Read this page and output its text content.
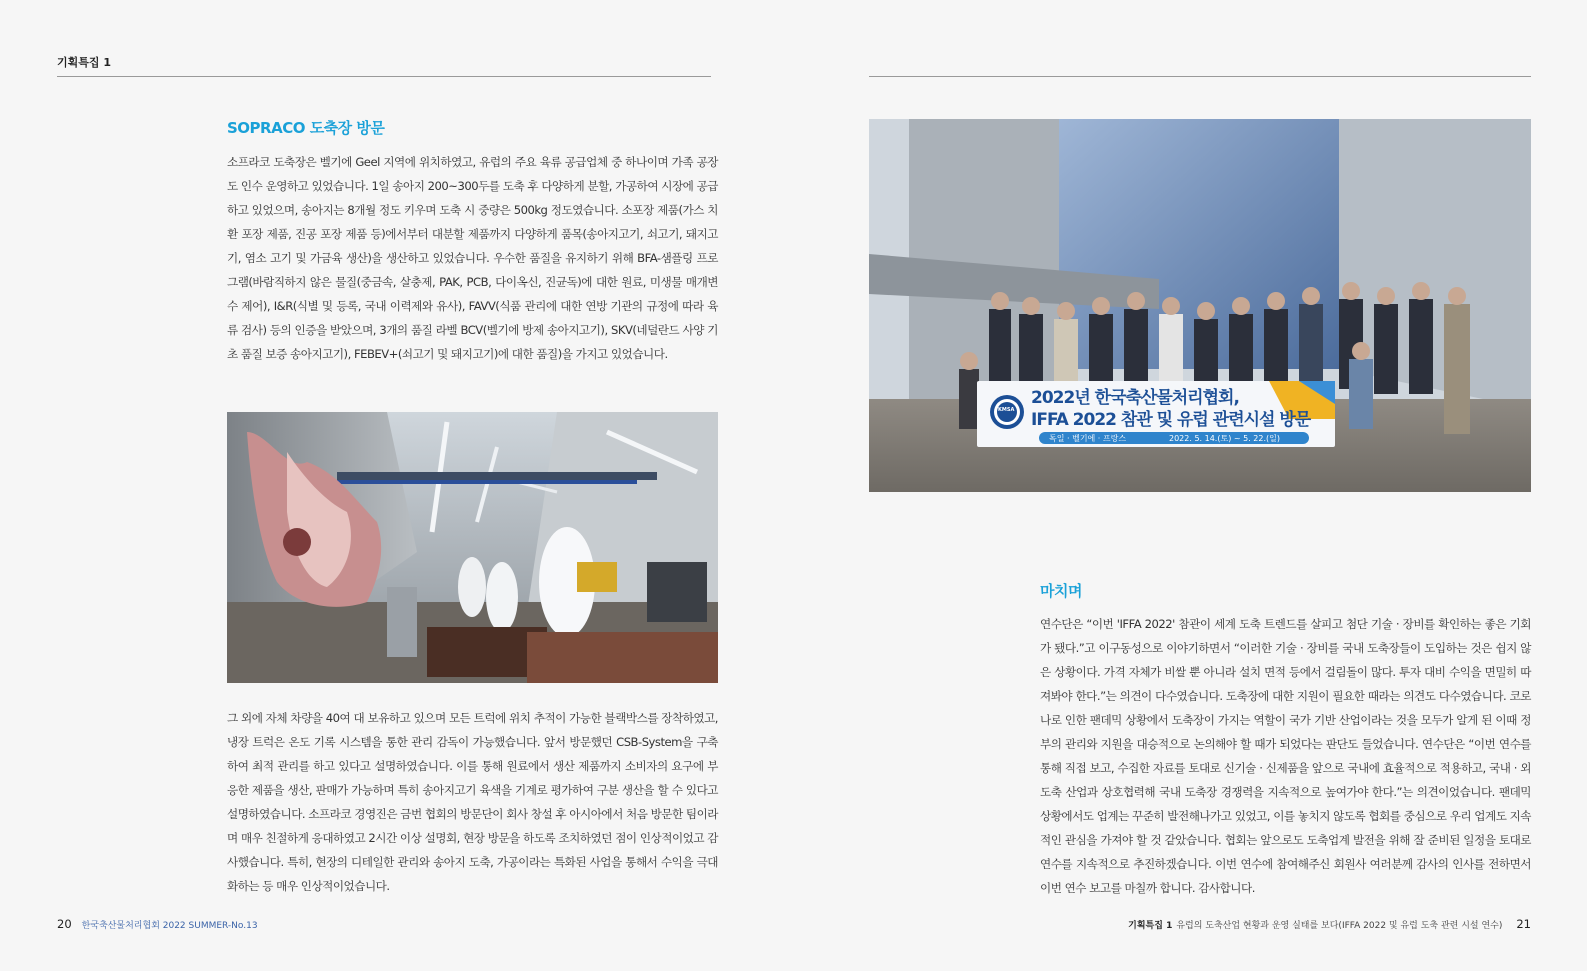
기획특집 1
SOPRACO 도축장 방문

소프라코 도축장은 벨기에 Geel 지역에 위치하였고, 유럽의 주요 육류 공급업체 중 하나이며 가족 공장도 인수 운영하고 있었습니다. 1일 송아지 200~300두를 도축 후 다양하게 분할, 가공하여 시장에 공급하고 있었으며, 송아지는 8개월 정도 키우며 도축 시 중량은 500kg 정도였습니다. 소포장 제품(가스 치환 포장 제품, 진공 포장 제품 등)에서부터 대분할 제품까지 다양하게 품목(송아지고기, 쇠고기, 돼지고기, 염소 고기 및 가금육 생산)을 생산하고 있었습니다. 우수한 품질을 유지하기 위해 BFA-샘플링 프로그램(바람직하지 않은 물질(중금속, 살충제, PAK, PCB, 다이옥신, 진균독)에 대한 원료, 미생물 매개변수 제어), I&R(식별 및 등록, 국내 이력제와 유사), FAVV(식품 관리에 대한 연방 기관의 규정에 따라 육류 검사) 등의 인증을 받았으며, 3개의 품질 라벨 BCV(벨기에 방제 송아지고기), SKV(네덜란드 사양 기초 품질 보증 송아지고기), FEBEV+(쇠고기 및 돼지고기)에 대한 품질)을 가지고 있었습니다.

그 외에 자체 차량을 40여 대 보유하고 있으며 모든 트럭에 위치 추적이 가능한 블랙박스를 장착하였고, 냉장 트럭은 온도 기록 시스템을 통한 관리 감독이 가능했습니다. 앞서 방문했던 CSB-System을 구축하여 최적 관리를 하고 있다고 설명하였습니다. 이를 통해 원료에서 생산 제품까지 소비자의 요구에 부응한 제품을 생산, 판매가 가능하며 특히 송아지고기 육색을 기계로 평가하여 구분 생산을 할 수 있다고 설명하였습니다. 소프라코 경영진은 금번 협회의 방문단이 회사 창설 후 아시아에서 처음 방문한 팀이라며 매우 친절하게 응대하였고 2시간 이상 설명회, 현장 방문을 하도록 조치하였던 점이 인상적이었고 감사했습니다. 특히, 현장의 디테일한 관리와 송아지 도축, 가공이라는 특화된 사업을 통해서 수익을 극대화하는 등 매우 인상적이었습니다.

KMSA
2022년 한국축산물처리협회,
IFFA 2022 참관 및 유럽 관련시설 방문
독일 · 벨기에 · 프랑스	2022. 5. 14.(토) ~ 5. 22.(일)
마치며

연수단은 “이번 'IFFA 2022' 참관이 세계 도축 트렌드를 살피고 첨단 기술 · 장비를 확인하는 좋은 기회가 됐다.”고 이구동성으로 이야기하면서 “이러한 기술 · 장비를 국내 도축장들이 도입하는 것은 쉽지 않은 상황이다. 가격 자체가 비쌀 뿐 아니라 설치 면적 등에서 걸림돌이 많다. 투자 대비 수익을 면밀히 따져봐야 한다.”는 의견이 다수였습니다. 도축장에 대한 지원이 필요한 때라는 의견도 다수였습니다. 코로나로 인한 팬데믹 상황에서 도축장이 가지는 역할이 국가 기반 산업이라는 것을 모두가 알게 된 이때 정부의 관리와 지원을 대승적으로 논의해야 할 때가 되었다는 판단도 들었습니다. 연수단은 “이번 연수를 통해 직접 보고, 수집한 자료를 토대로 신기술 · 신제품을 앞으로 국내에 효율적으로 적용하고, 국내 · 외 도축 산업과 상호협력해 국내 도축장 경쟁력을 지속적으로 높여가야 한다.”는 의견이었습니다. 팬데믹 상황에서도 업계는 꾸준히 발전해나가고 있었고, 이를 놓치지 않도록 협회를 중심으로 우리 업계도 지속적인 관심을 가져야 할 것 같았습니다. 협회는 앞으로도 도축업계 발전을 위해 잘 준비된 일정을 토대로 연수를 지속적으로 추진하겠습니다. 이번 연수에 참여해주신 회원사 여러분께 감사의 인사를 전하면서 이번 연수 보고를 마칠까 합니다. 감사합니다.

20 한국축산물처리협회 2022 SUMMER-No.13	기획특집 1 유럽의 도축산업 현황과 운영 실태를 보다(IFFA 2022 및 유럽 도축 관련 시설 연수) 21
